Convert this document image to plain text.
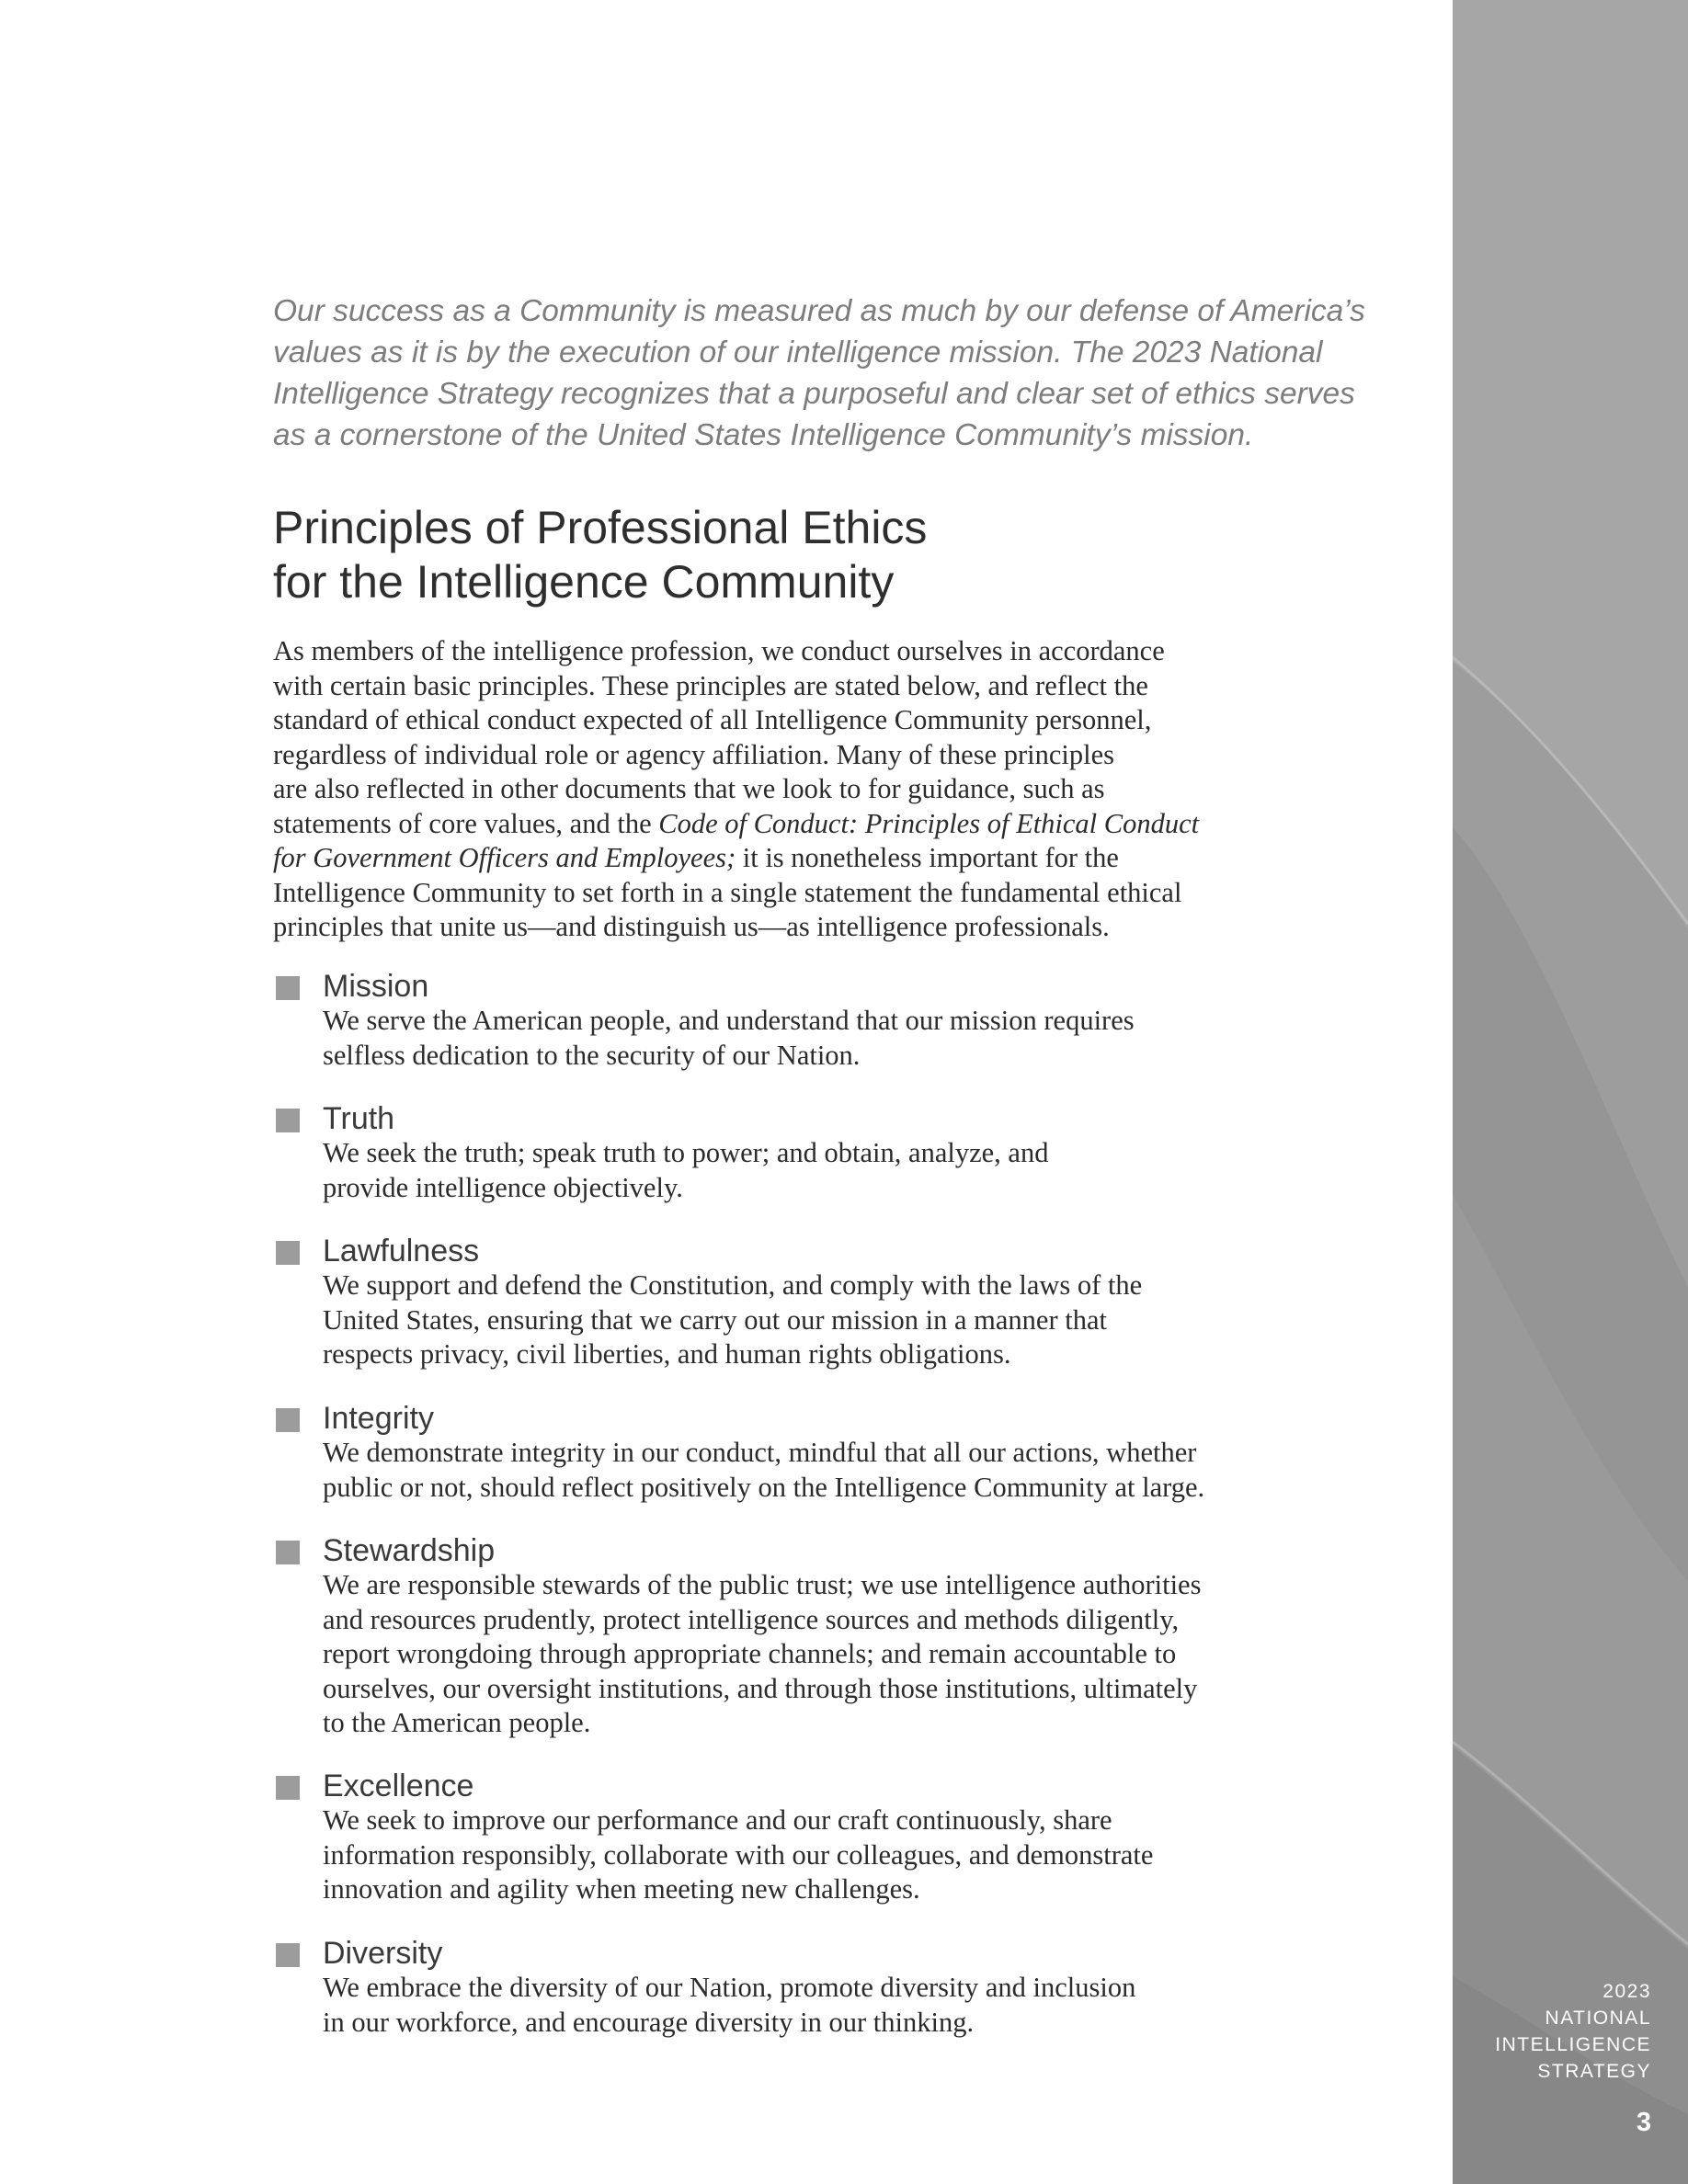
Our success as a Community is measured as much by our defense of America’s
values as it is by the execution of our intelligence mission. The 2023 National
Intelligence Strategy recognizes that a purposeful and clear set of ethics serves
as a cornerstone of the United States Intelligence Community’s mission.
Principles of Professional Ethics
for the Intelligence Community
As members of the intelligence profession, we conduct ourselves in accordance
with certain basic principles. These principles are stated below, and reflect the
standard of ethical conduct expected of all Intelligence Community personnel,
regardless of individual role or agency affiliation. Many of these principles
are also reflected in other documents that we look to for guidance, such as
statements of core values, and the Code of Conduct: Principles of Ethical Conduct
for Government Officers and Employees; it is nonetheless important for the
Intelligence Community to set forth in a single statement the fundamental ethical
principles that unite us—and distinguish us—as intelligence professionals.
Mission
We serve the American people, and understand that our mission requires
selfless dedication to the security of our Nation.
Truth
We seek the truth; speak truth to power; and obtain, analyze, and
provide intelligence objectively.
Lawfulness
We support and defend the Constitution, and comply with the laws of the
United States, ensuring that we carry out our mission in a manner that
respects privacy, civil liberties, and human rights obligations.
Integrity
We demonstrate integrity in our conduct, mindful that all our actions, whether
public or not, should reflect positively on the Intelligence Community at large.
Stewardship
We are responsible stewards of the public trust; we use intelligence authorities
and resources prudently, protect intelligence sources and methods diligently,
report wrongdoing through appropriate channels; and remain accountable to
ourselves, our oversight institutions, and through those institutions, ultimately
to the American people.
Excellence
We seek to improve our performance and our craft continuously, share
information responsibly, collaborate with our colleagues, and demonstrate
innovation and agility when meeting new challenges.
Diversity
We embrace the diversity of our Nation, promote diversity and inclusion
in our workforce, and encourage diversity in our thinking.
2023
NATIONAL
INTELLIGENCE
STRATEGY
3
